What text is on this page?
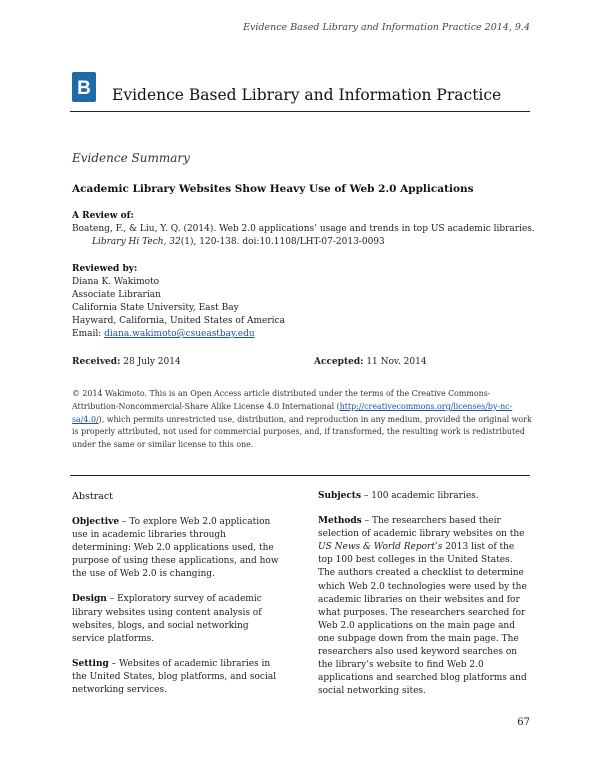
Evidence Based Library and Information Practice 2014, 9.4
B Evidence Based Library and Information Practice
Evidence Summary
Academic Library Websites Show Heavy Use of Web 2.0 Applications
A Review of:
Boateng, F., & Liu, Y. Q. (2014). Web 2.0 applications’ usage and trends in top US academic libraries.
Library Hi Tech, 32(1), 120-138. doi:10.1108/LHT-07-2013-0093
Reviewed by:
Diana K. Wakimoto
Associate Librarian
California State University, East Bay
Hayward, California, United States of America
Email: diana.wakimoto@csueastbay.edu
Received: 28 July 2014	Accepted: 11 Nov. 2014
© 2014 Wakimoto. This is an Open Access article distributed under the terms of the Creative Commons‐Attribution‐Noncommercial‐Share Alike License 4.0 International (http://creativecommons.org/licenses/by-nc-sa/4.0/), which permits unrestricted use, distribution, and reproduction in any medium, provided the original work is properly attributed, not used for commercial purposes, and, if transformed, the resulting work is redistributed under the same or similar license to this one.
Abstract

Objective – To explore Web 2.0 application use in academic libraries through determining: Web 2.0 applications used, the purpose of using these applications, and how the use of Web 2.0 is changing.

Design – Exploratory survey of academic library websites using content analysis of websites, blogs, and social networking service platforms.

Setting – Websites of academic libraries in the United States, blog platforms, and social networking services.

Subjects – 100 academic libraries.

Methods – The researchers based their selection of academic library websites on the US News & World Report’s 2013 list of the top 100 best colleges in the United States. The authors created a checklist to determine which Web 2.0 technologies were used by the academic libraries on their websites and for what purposes. The researchers searched for Web 2.0 applications on the main page and one subpage down from the main page. The researchers also used keyword searches on the library’s website to find Web 2.0 applications and searched blog platforms and social networking sites.

67
